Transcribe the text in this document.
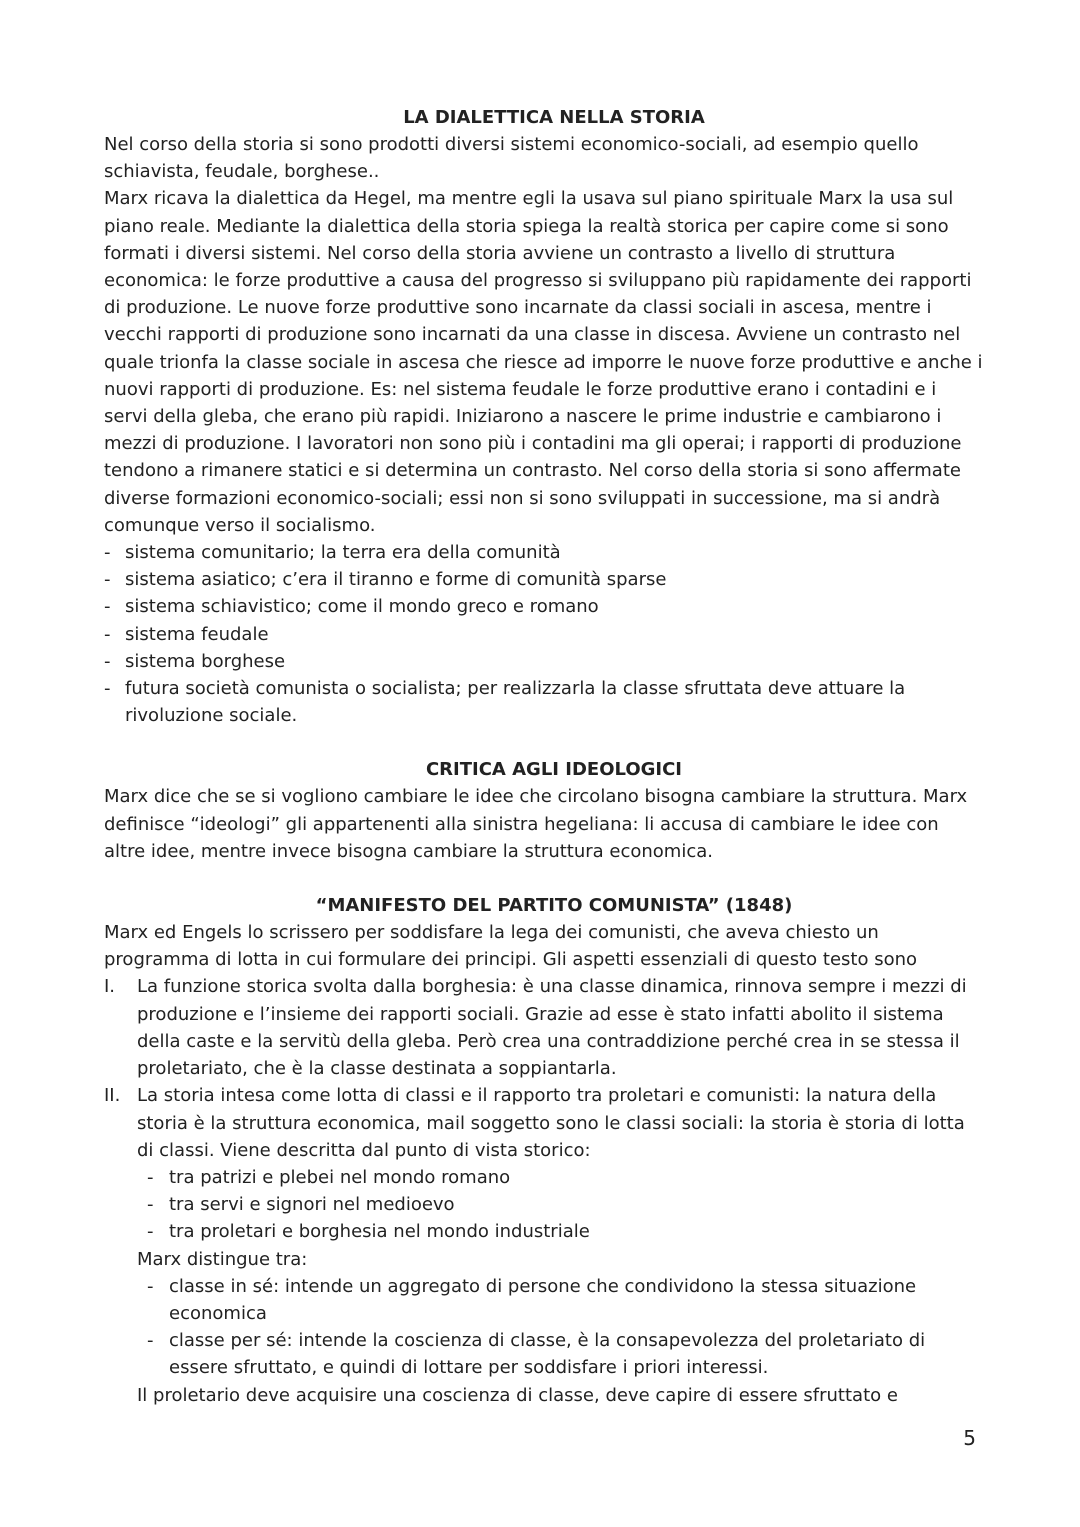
LA DIALETTICA NELLA STORIA

Nel corso della storia si sono prodotti diversi sistemi economico-sociali, ad esempio quello schiavista, feudale, borghese..

Marx ricava la dialettica da Hegel, ma mentre egli la usava sul piano spirituale Marx la usa sul piano reale. Mediante la dialettica della storia spiega la realtà storica per capire come si sono formati i diversi sistemi. Nel corso della storia avviene un contrasto a livello di struttura economica: le forze produttive a causa del progresso si sviluppano più rapidamente dei rapporti di produzione. Le nuove forze produttive sono incarnate da classi sociali in ascesa, mentre i vecchi rapporti di produzione sono incarnati da una classe in discesa. Avviene un contrasto nel quale trionfa la classe sociale in ascesa che riesce ad imporre le nuove forze produttive e anche i nuovi rapporti di produzione. Es: nel sistema feudale le forze produttive erano i contadini e i servi della gleba, che erano più rapidi. Iniziarono a nascere le prime industrie e cambiarono i mezzi di produzione. I lavoratori non sono più i contadini ma gli operai; i rapporti di produzione tendono a rimanere statici e si determina un contrasto. Nel corso della storia si sono affermate diverse formazioni economico-sociali; essi non si sono sviluppati in successione, ma si andrà comunque verso il socialismo.

- sistema comunitario; la terra era della comunità
- sistema asiatico; c’era il tiranno e forme di comunità sparse
- sistema schiavistico; come il mondo greco e romano
- sistema feudale
- sistema borghese
- futura società comunista o socialista; per realizzarla la classe sfruttata deve attuare la rivoluzione sociale.
CRITICA AGLI IDEOLOGICI

Marx dice che se si vogliono cambiare le idee che circolano bisogna cambiare la struttura. Marx definisce “ideologi” gli appartenenti alla sinistra hegeliana: li accusa di cambiare le idee con altre idee, mentre invece bisogna cambiare la struttura economica.

“MANIFESTO DEL PARTITO COMUNISTA” (1848)

Marx ed Engels lo scrissero per soddisfare la lega dei comunisti, che aveva chiesto un programma di lotta in cui formulare dei principi. Gli aspetti essenziali di questo testo sono

I. La funzione storica svolta dalla borghesia: è una classe dinamica, rinnova sempre i mezzi di produzione e l’insieme dei rapporti sociali. Grazie ad esse è stato infatti abolito il sistema della caste e la servitù della gleba. Però crea una contraddizione perché crea in se stessa il proletariato, che è la classe destinata a soppiantarla.
II. La storia intesa come lotta di classi e il rapporto tra proletari e comunisti: la natura della storia è la struttura economica, mail soggetto sono le classi sociali: la storia è storia di lotta di classi. Viene descritta dal punto di vista storico:
- tra patrizi e plebei nel mondo romano
- tra servi e signori nel medioevo
- tra proletari e borghesia nel mondo industriale
Marx distingue tra:
- classe in sé: intende un aggregato di persone che condividono la stessa situazione economica
- classe per sé: intende la coscienza di classe, è la consapevolezza del proletariato di essere sfruttato, e quindi di lottare per soddisfare i priori interessi.
Il proletario deve acquisire una coscienza di classe, deve capire di essere sfruttato e
5
